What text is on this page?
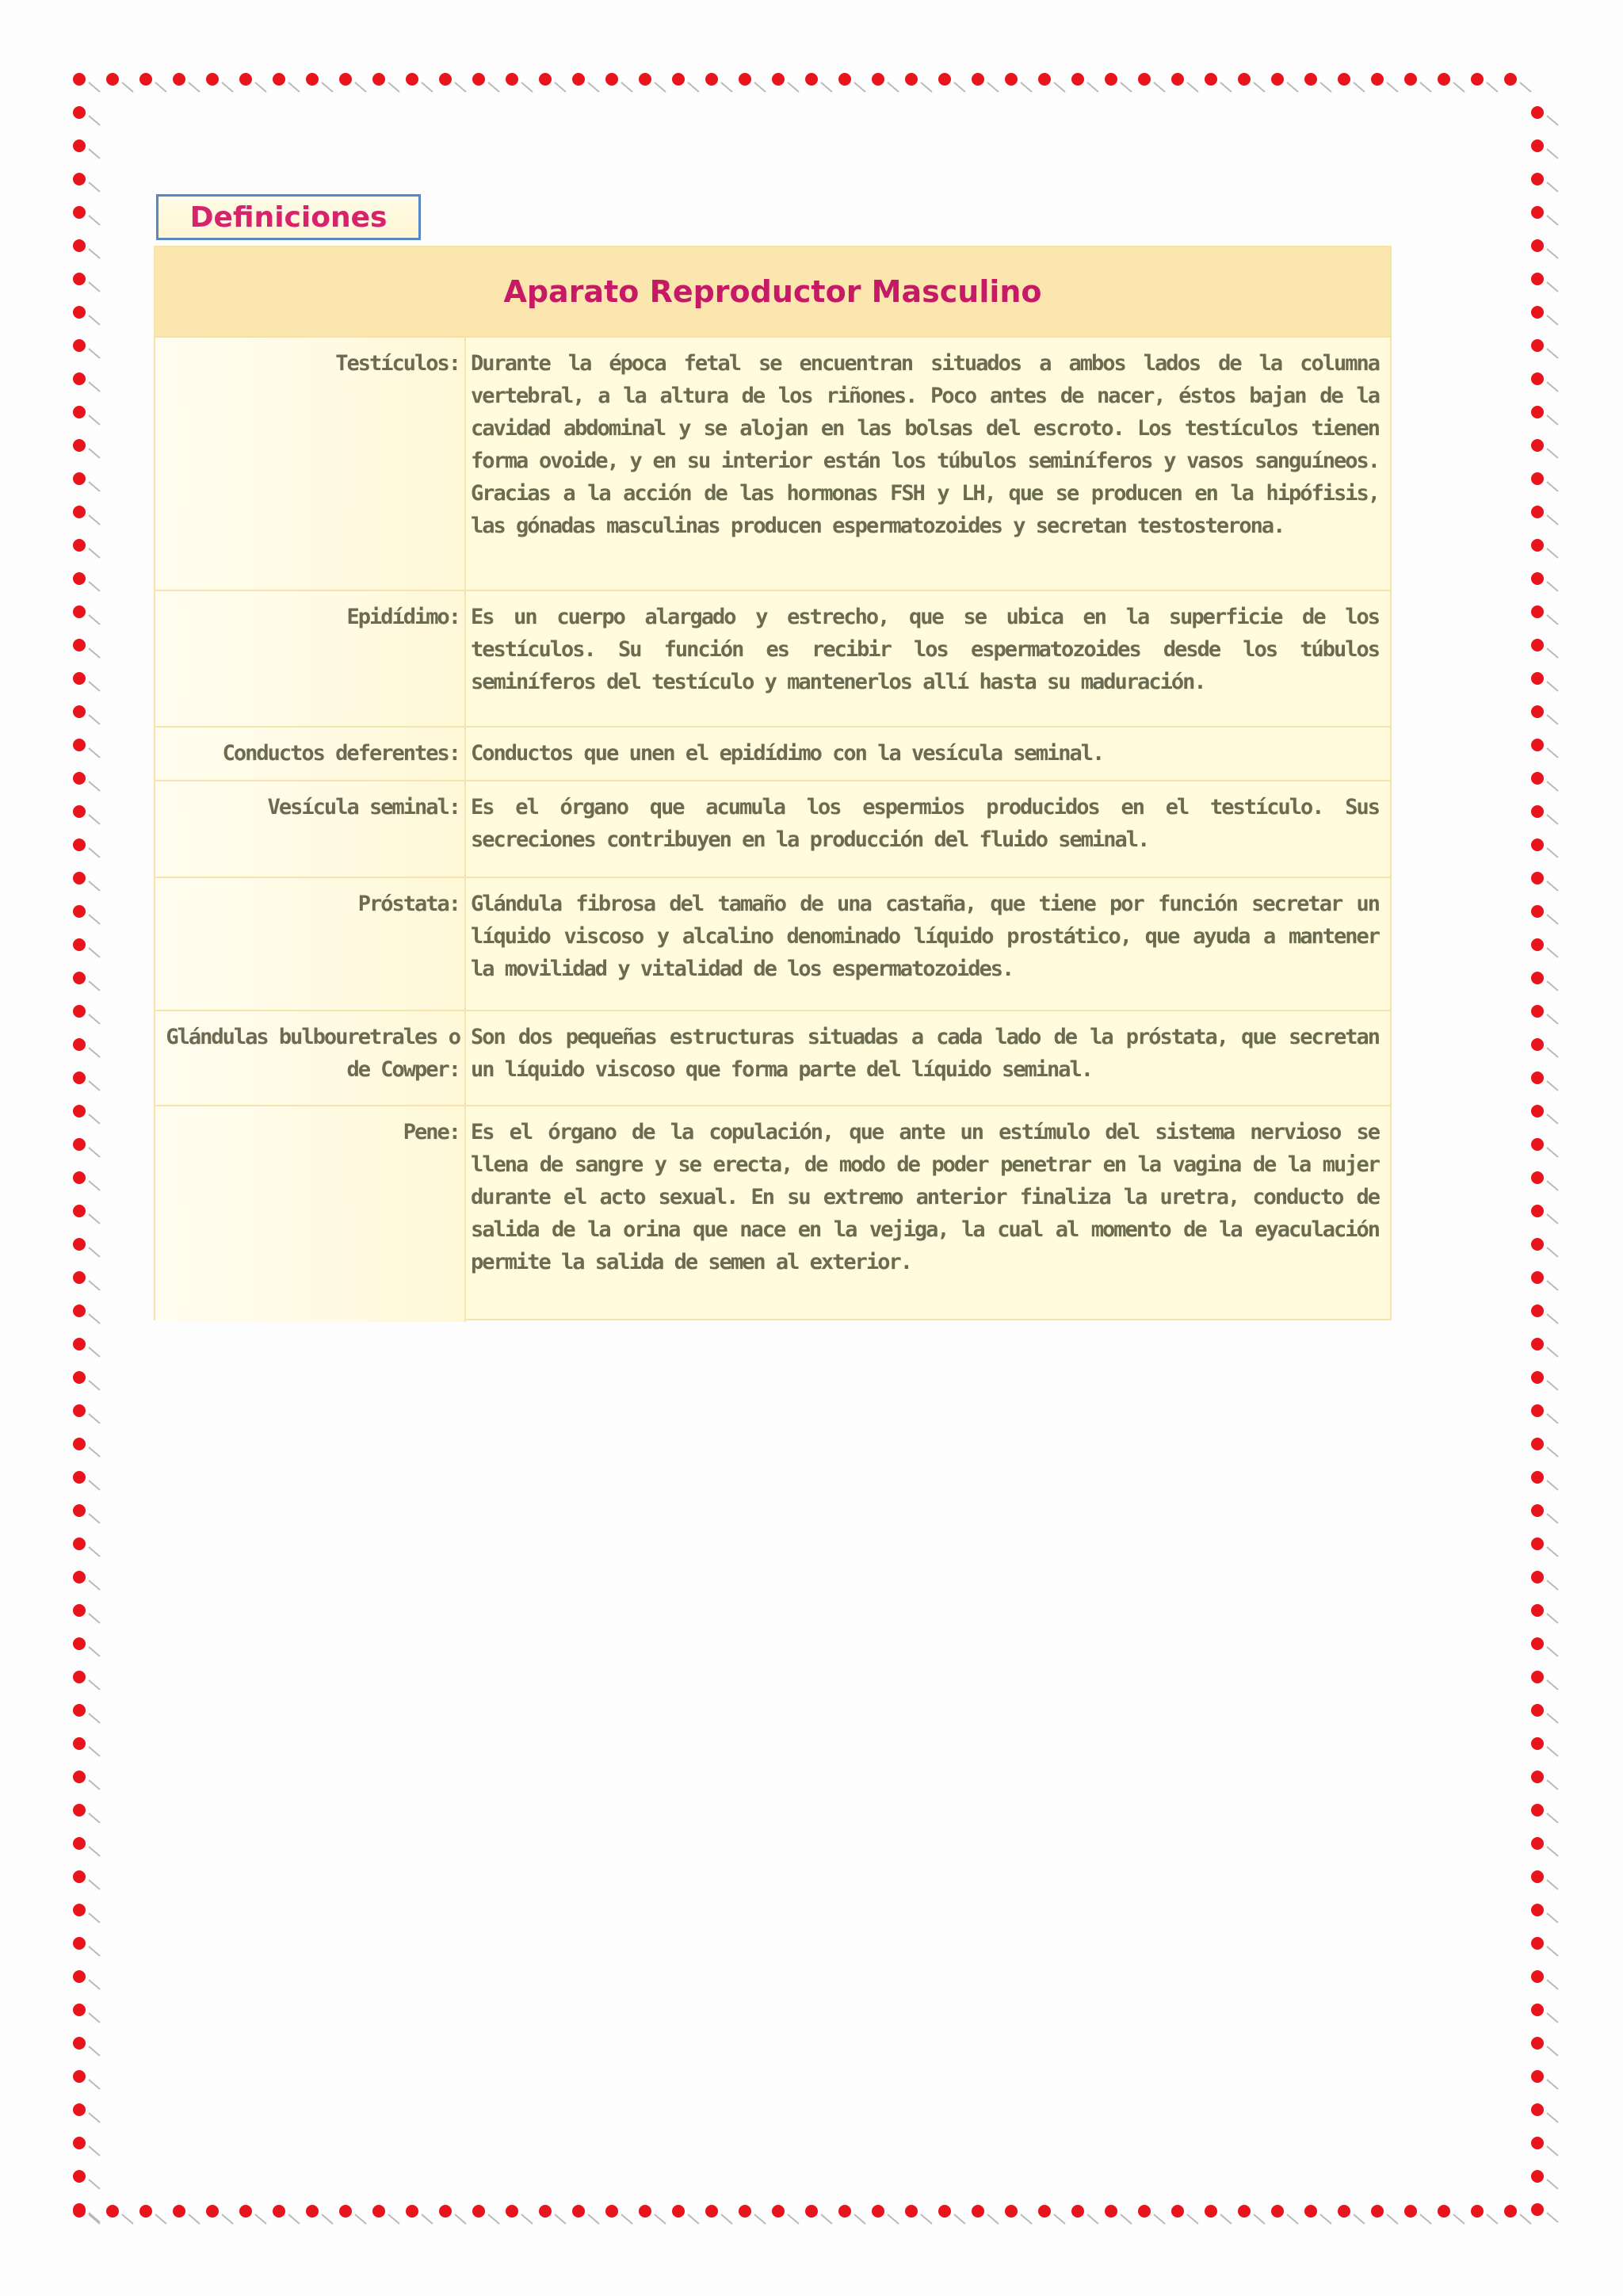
Definiciones
Aparato Reproductor Masculino
Testículos: Durante la época fetal se encuentran situados a ambos lados de la columna vertebral, a la altura de los riñones. Poco antes de nacer, éstos bajan de la cavidad abdominal y se alojan en las bolsas del escroto. Los testículos tienen forma ovoide, y en su interior están los túbulos seminíferos y vasos sanguíneos. Gracias a la acción de las hormonas FSH y LH, que se producen en la hipófisis, las gónadas masculinas producen espermatozoides y secretan testosterona.
Epidídimo: Es un cuerpo alargado y estrecho, que se ubica en la superficie de los testículos. Su función es recibir los espermatozoides desde los túbulos seminíferos del testículo y mantenerlos allí hasta su maduración.
Conductos deferentes: Conductos que unen el epidídimo con la vesícula seminal.
Vesícula seminal: Es el órgano que acumula los espermios producidos en el testículo. Sus secreciones contribuyen en la producción del fluido seminal.
Próstata: Glándula fibrosa del tamaño de una castaña, que tiene por función secretar un líquido viscoso y alcalino denominado líquido prostático, que ayuda a mantener la movilidad y vitalidad de los espermatozoides.
Glándulas bulbouretrales o de Cowper:
Son dos pequeñas estructuras situadas a cada lado de la próstata, que secretan un líquido viscoso que forma parte del líquido seminal.
Pene: Es el órgano de la copulación, que ante un estímulo del sistema nervioso se llena de sangre y se erecta, de modo de poder penetrar en la vagina de la mujer durante el acto sexual. En su extremo anterior finaliza la uretra, conducto de salida de la orina que nace en la vejiga, la cual al momento de la eyaculación permite la salida de semen al exterior.
